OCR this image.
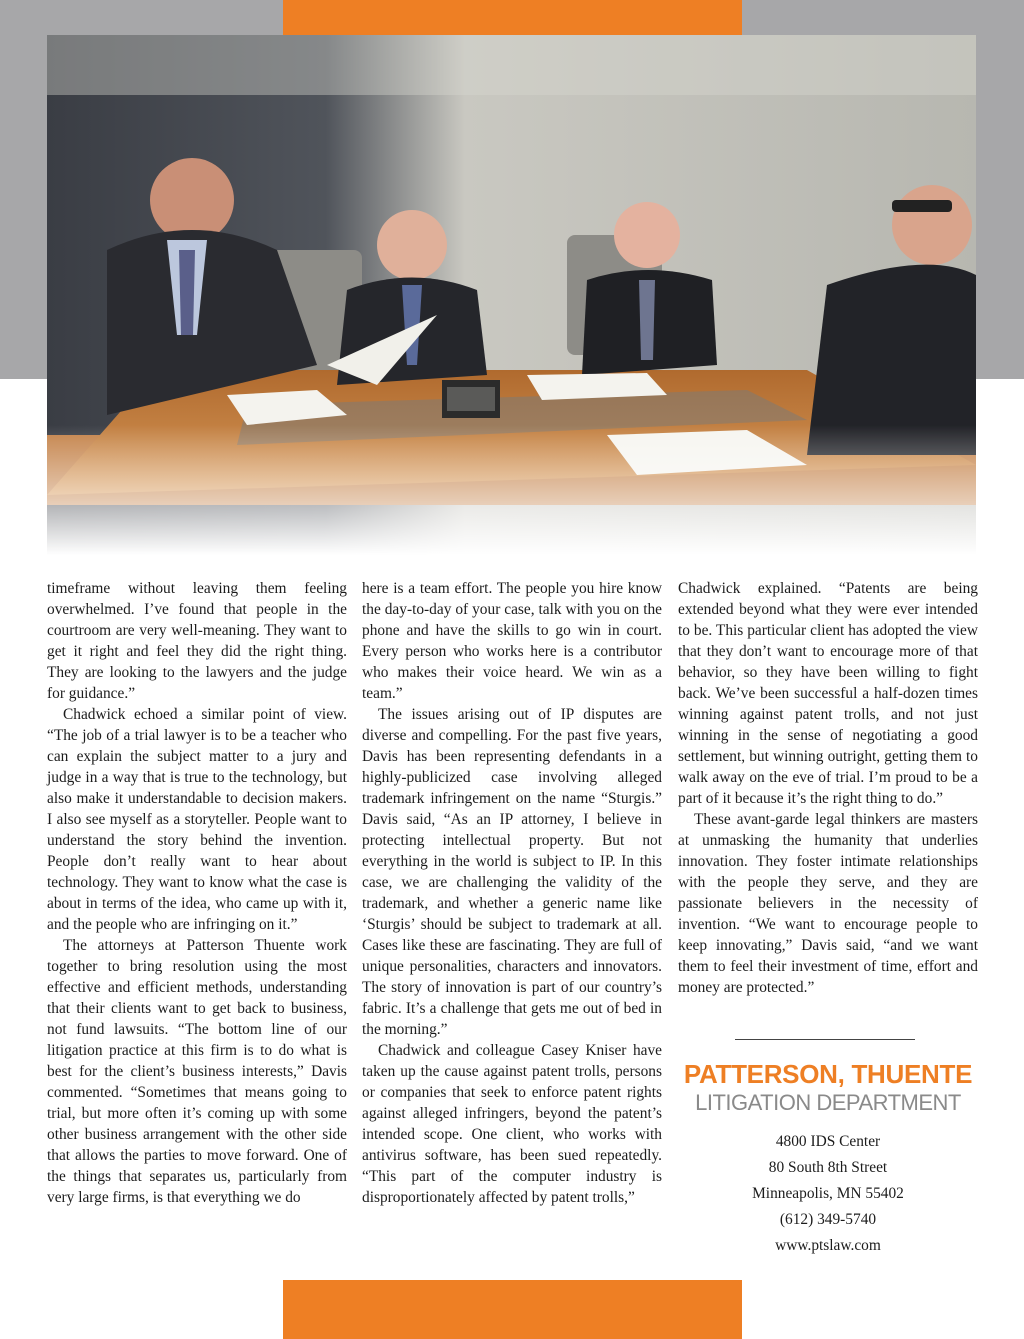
timeframe without leaving them feeling overwhelmed. I’ve found that people in the courtroom are very well-meaning. They want to get it right and feel they did the right thing. They are looking to the lawyers and the judge for guidance.”

Chadwick echoed a similar point of view. “The job of a trial lawyer is to be a teacher who can explain the subject matter to a jury and judge in a way that is true to the technology, but also make it understandable to decision makers. I also see myself as a storyteller. People want to understand the story behind the invention. People don’t really want to hear about technology. They want to know what the case is about in terms of the idea, who came up with it, and the people who are infringing on it.”

The attorneys at Patterson Thuente work together to bring resolution using the most effective and efficient methods, understanding that their clients want to get back to business, not fund lawsuits. “The bottom line of our litigation practice at this firm is to do what is best for the client’s business interests,” Davis commented. “Sometimes that means going to trial, but more often it’s coming up with some other business arrangement with the other side that allows the parties to move forward. One of the things that separates us, particularly from very large firms, is that everything we do

here is a team effort. The people you hire know the day-to-day of your case, talk with you on the phone and have the skills to go win in court. Every person who works here is a contributor who makes their voice heard. We win as a team.”

The issues arising out of IP disputes are diverse and compelling. For the past five years, Davis has been representing defendants in a highly-publicized case involving alleged trademark infringement on the name “Sturgis.” Davis said, “As an IP attorney, I believe in protecting intellectual property. But not everything in the world is subject to IP. In this case, we are challenging the validity of the trademark, and whether a generic name like ‘Sturgis’ should be subject to trademark at all. Cases like these are fascinating. They are full of unique personalities, characters and innovators. The story of innovation is part of our country’s fabric. It’s a challenge that gets me out of bed in the morning.”

Chadwick and colleague Casey Kniser have taken up the cause against patent trolls, persons or companies that seek to enforce patent rights against alleged infringers, beyond the patent’s intended scope. One client, who works with antivirus software, has been sued repeatedly. “This part of the computer industry is disproportionately affected by patent trolls,”

Chadwick explained. “Patents are being extended beyond what they were ever intended to be. This particular client has adopted the view that they don’t want to encourage more of that behavior, so they have been willing to fight back. We’ve been successful a half-dozen times winning against patent trolls, and not just winning in the sense of negotiating a good settlement, but winning outright, getting them to walk away on the eve of trial. I’m proud to be a part of it because it’s the right thing to do.”

These avant-garde legal thinkers are masters at unmasking the humanity that underlies innovation. They foster intimate relationships with the people they serve, and they are passionate believers in the necessity of invention. “We want to encourage people to keep innovating,” Davis said, “and we want them to feel their investment of time, effort and money are protected.”

PATTERSON, THUENTE
LITIGATION DEPARTMENT
4800 IDS Center
80 South 8th Street
Minneapolis, MN 55402
(612) 349-5740
www.ptslaw.com
